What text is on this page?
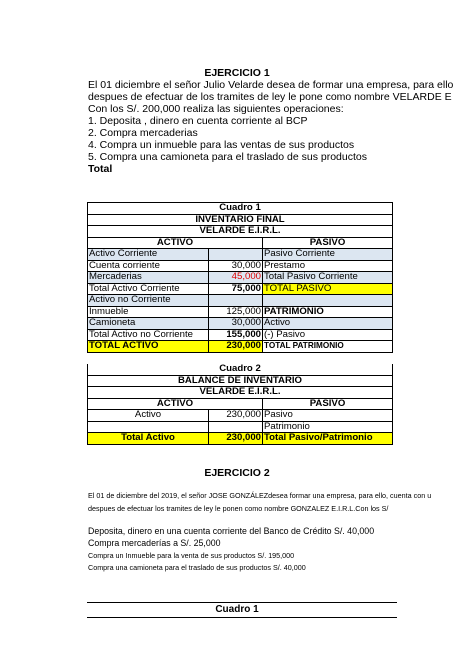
EJERCICIO 1
El 01 diciembre el señor Julio Velarde desea de formar una empresa, para ello
despues de efectuar de los tramites de ley le pone como nombre VELARDE E
Con los S/. 200,000 realiza las siguientes operaciones:
1. Deposita , dinero en cuenta corriente al BCP
2. Compra mercaderias
4. Compra un inmueble para las ventas de sus productos
5. Compra una camioneta para el traslado de sus productos
Total
Cuadro 1		
INVENTARIO FINAL		
VELARDE E.I.R.L.		
ACTIVO		PASIVO
Activo Corriente		Pasivo Corriente
Cuenta corriente	30,000	Prestamo
Mercaderias	45,000	Total Pasivo Corriente
Total Activo Corriente	75,000	TOTAL PASIVO
Activo no Corriente		
Inmueble	125,000	PATRIMONIO
Camioneta	30,000	Activo
Total Activo no Corriente	155,000	(-) Pasivo
TOTAL ACTIVO	230,000	TOTAL PATRIMONIO
Cuadro 2		
BALANCE DE INVENTARIO		
VELARDE E.I.R.L.		
ACTIVO		PASIVO
Activo	230,000	Pasivo
		Patrimonio
Total Activo	230,000	Total Pasivo/Patrimonio
EJERCICIO 2
El 01 de diciembre del 2019, el señor JOSE GONZÁLEZdesea formar una empresa, para ello, cuenta con u
despues de efectuar los tramites de ley le ponen como nombre GONZALEZ E.I.R.L.Con los S/
Deposita, dinero en una cuenta corriente del Banco de Crédito S/. 40,000
Compra mercaderías a S/. 25,000
Compra un Inmueble para la venta de sus productos S/. 195,000
Compra una camioneta para el traslado de sus productos S/. 40,000
Cuadro 1
